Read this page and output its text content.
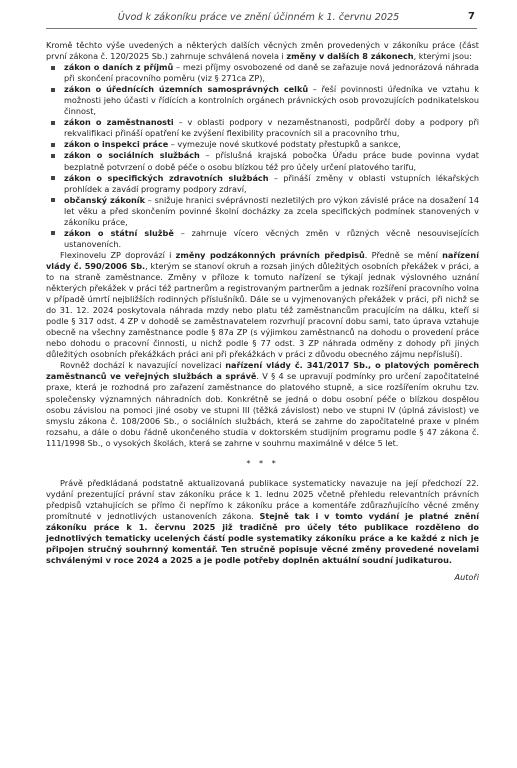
Úvod k zákoníku práce ve znění účinném k 1. červnu 2025	7

Kromě těchto výše uvedených a některých dalších věcných změn provedených v zákoníku práce (část první zákona č. 120/2025 Sb.) zahrnuje schválená novela i změny v dalších 8 zákonech, kterými jsou:

zákon o daních z příjmů – mezi příjmy osvobozené od daně se zařazuje nová jednorázová náhrada při skončení pracovního poměru (viz § 271ca ZP),
zákon o úřednících územních samosprávných celků – řeší povinnosti úředníka ve vztahu k možnosti jeho účasti v řídících a kontrolních orgánech právnických osob provozujících podnikatelskou činnost,
zákon o zaměstnanosti – v oblasti podpory v nezaměstnanosti, podpůrčí doby a podpory při rekvalifikaci přináší opatření ke zvýšení flexibility pracovních sil a pracovního trhu,
zákon o inspekci práce – vymezuje nové skutkové podstaty přestupků a sankce,
zákon o sociálních službách – příslušná krajská pobočka Úřadu práce bude povinna vydat bezplatně potvrzení o době péče o osobu blízkou též pro účely určení platového tarifu,
zákon o specifických zdravotních službách – přináší změny v oblasti vstupních lékařských prohlídek a zavádí programy podpory zdraví,
občanský zákoník – snižuje hranici svéprávnosti nezletilých pro výkon závislé práce na dosažení 14 let věku a před skončením povinné školní docházky za zcela specifických podmínek stanovených v zákoníku práce,
zákon o státní službě – zahrnuje vícero věcných změn v různých věcně nesouvisejících ustanoveních.

Flexinovelu ZP doprovází i změny podzákonných právních předpisů. Předně se mění nařízení vlády č. 590/2006 Sb., kterým se stanoví okruh a rozsah jiných důležitých osobních překážek v práci, a to na straně zaměstnance. Změny v příloze k tomuto nařízení se týkají jednak výslovného uznání některých překážek v práci též partnerům a registrovaným partnerům a jednak rozšíření pracovního volna v případě úmrtí nejbližších rodinných příslušníků. Dále se u vyjmenovaných překážek v práci, při nichž se do 31. 12. 2024 poskytovala náhrada mzdy nebo platu též zaměstnancům pracujícím na dálku, kteří si podle § 317 odst. 4 ZP v dohodě se zaměstnavatelem rozvrhují pracovní dobu sami, tato úprava vztahuje obecně na všechny zaměstnance podle § 87a ZP (s výjimkou zaměstnanců na dohodu o provedení práce nebo dohodu o pracovní činnosti, u nichž podle § 77 odst. 3 ZP náhrada odměny z dohody při jiných důležitých osobních překážkách práci ani při překážkách v práci z důvodu obecného zájmu nepřísluší).

Rovněž dochází k navazující novelizaci nařízení vlády č. 341/2017 Sb., o platových poměrech zaměstnanců ve veřejných službách a správě. V § 4 se upravují podmínky pro určení započitatelné praxe, která je rozhodná pro zařazení zaměstnance do platového stupně, a sice rozšířením okruhu tzv. společensky významných náhradních dob. Konkrétně se jedná o dobu osobní péče o blízkou dospělou osobu závislou na pomoci jiné osoby ve stupni III (těžká závislost) nebo ve stupni IV (úplná závislost) ve smyslu zákona č. 108/2006 Sb., o sociálních službách, která se zahrne do započitatelné praxe v plném rozsahu, a dále o dobu řádně ukončeného studia v doktorském studijním programu podle § 47 zákona č. 111/1998 Sb., o vysokých školách, která se zahrne v souhrnu maximálně v délce 5 let.

* * *

Právě předkládaná podstatně aktualizovaná publikace systematicky navazuje na její předchozí 22. vydání prezentující právní stav zákoníku práce k 1. lednu 2025 včetně přehledu relevantních právních předpisů vztahujících se přímo či nepřímo k zákoníku práce a komentáře zdůrazňujícího věcné změny promítnuté v jednotlivých ustanoveních zákona. Stejně tak i v tomto vydání je platné znění zákoníku práce k 1. červnu 2025 již tradičně pro účely této publikace rozděleno do jednotlivých tematicky ucelených částí podle systematiky zákoníku práce a ke každé z nich je připojen stručný souhrnný komentář. Ten stručně popisuje věcné změny provedené novelami schválenými v roce 2024 a 2025 a je podle potřeby doplněn aktuální soudní judikaturou.

Autoři
